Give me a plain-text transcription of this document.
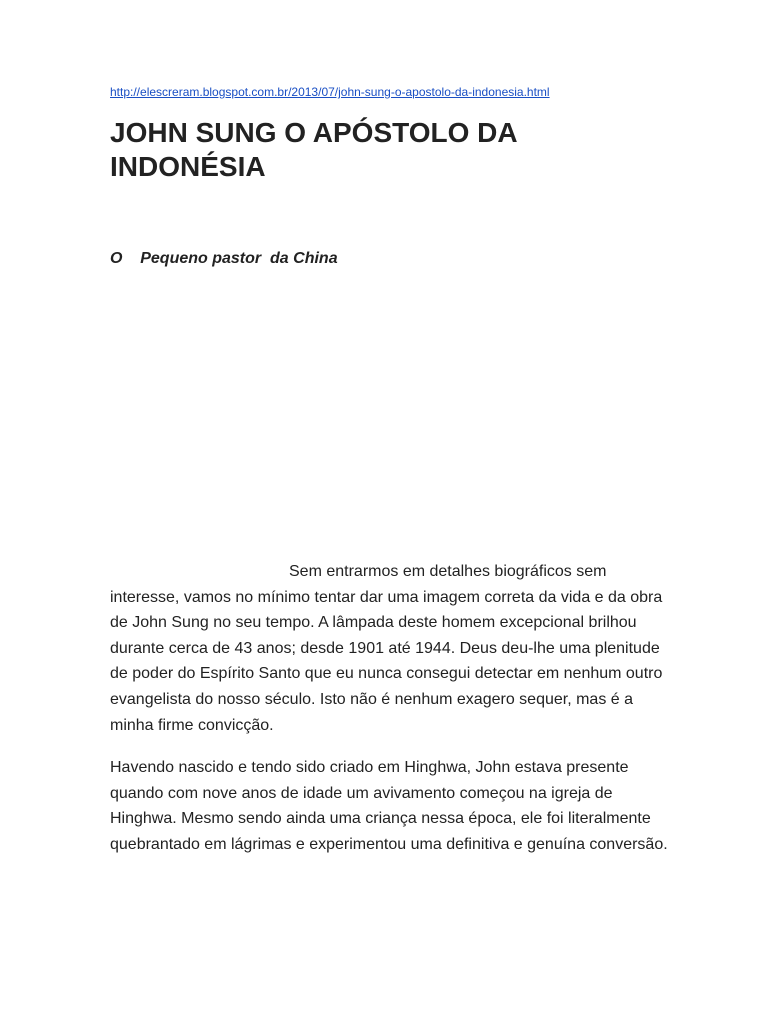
http://elescreram.blogspot.com.br/2013/07/john-sung-o-apostolo-da-indonesia.html
JOHN SUNG O APÓSTOLO DA INDONÉSIA

O    Pequeno pastor  da China

Sem entrarmos em detalhes biográficos sem interesse, vamos no mínimo tentar dar uma imagem correta da vida e da obra de John Sung no seu tempo. A lâmpada deste homem excepcional brilhou durante cerca de 43 anos; desde 1901 até 1944. Deus deu-lhe uma plenitude de poder do Espírito Santo que eu nunca consegui detectar em nenhum outro evangelista do nosso século. Isto não é nenhum exagero sequer, mas é a minha firme convicção.

Havendo nascido e tendo sido criado em Hinghwa, John estava presente quando com nove anos de idade um avivamento começou na igreja de Hinghwa. Mesmo sendo ainda uma criança nessa época, ele foi literalmente quebrantado em lágrimas e experimentou uma definitiva e genuína conversão.
